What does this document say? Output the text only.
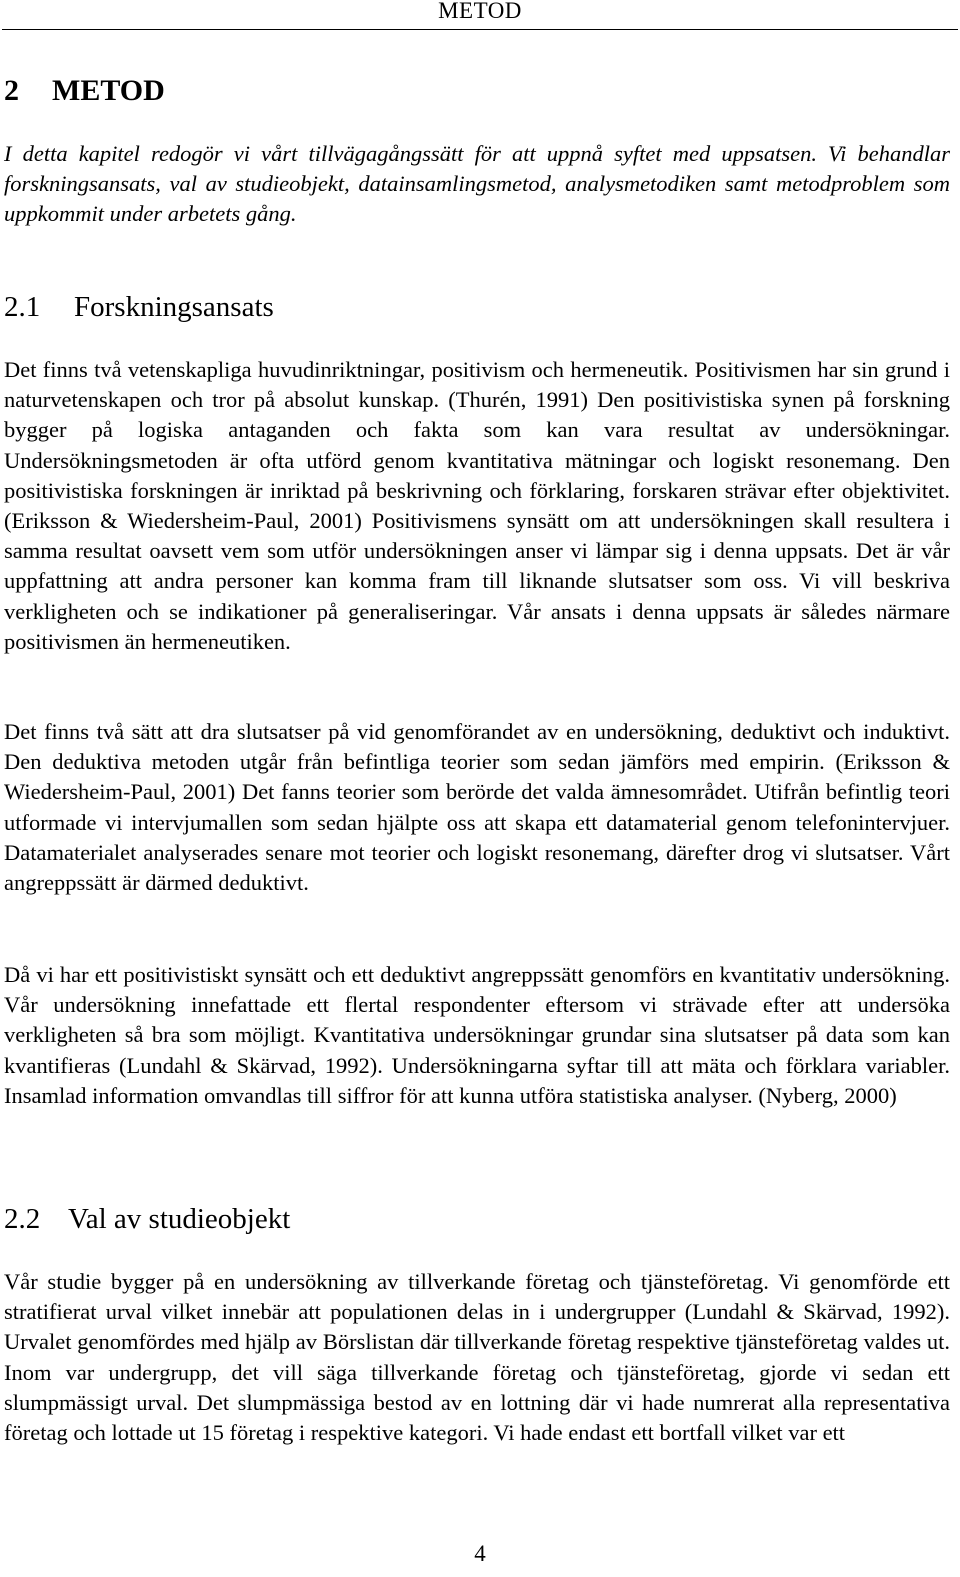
METOD
2 METOD

I detta kapitel redogör vi vårt tillvägagångssätt för att uppnå syftet med uppsatsen. Vi behandlar forskningsansats, val av studieobjekt, datainsamlingsmetod, analysmetodiken samt metodproblem som uppkommit under arbetets gång.

2.1 Forskningsansats

Det finns två vetenskapliga huvudinriktningar, positivism och hermeneutik. Positivismen har sin grund i naturvetenskapen och tror på absolut kunskap. (Thurén, 1991) Den positivistiska synen på forskning bygger på logiska antaganden och fakta som kan vara resultat av undersökningar. Undersökningsmetoden är ofta utförd genom kvantitativa mätningar och logiskt resonemang. Den positivistiska forskningen är inriktad på beskrivning och förklaring, forskaren strävar efter objektivitet. (Eriksson & Wiedersheim-Paul, 2001) Positivismens synsätt om att undersökningen skall resultera i samma resultat oavsett vem som utför undersökningen anser vi lämpar sig i denna uppsats. Det är vår uppfattning att andra personer kan komma fram till liknande slutsatser som oss. Vi vill beskriva verkligheten och se indikationer på generaliseringar. Vår ansats i denna uppsats är således närmare positivismen än hermeneutiken.

Det finns två sätt att dra slutsatser på vid genomförandet av en undersökning, deduktivt och induktivt. Den deduktiva metoden utgår från befintliga teorier som sedan jämförs med empirin. (Eriksson & Wiedersheim-Paul, 2001) Det fanns teorier som berörde det valda ämnesområdet. Utifrån befintlig teori utformade vi intervjumallen som sedan hjälpte oss att skapa ett datamaterial genom telefonintervjuer. Datamaterialet analyserades senare mot teorier och logiskt resonemang, därefter drog vi slutsatser. Vårt angreppssätt är därmed deduktivt.

Då vi har ett positivistiskt synsätt och ett deduktivt angreppssätt genomförs en kvantitativ undersökning. Vår undersökning innefattade ett flertal respondenter eftersom vi strävade efter att undersöka verkligheten så bra som möjligt. Kvantitativa undersökningar grundar sina slutsatser på data som kan kvantifieras (Lundahl & Skärvad, 1992). Undersökningarna syftar till att mäta och förklara variabler. Insamlad information omvandlas till siffror för att kunna utföra statistiska analyser. (Nyberg, 2000)

2.2 Val av studieobjekt

Vår studie bygger på en undersökning av tillverkande företag och tjänsteföretag. Vi genomförde ett stratifierat urval vilket innebär att populationen delas in i undergrupper (Lundahl & Skärvad, 1992). Urvalet genomfördes med hjälp av Börslistan där tillverkande företag respektive tjänsteföretag valdes ut. Inom var undergrupp, det vill säga tillverkande företag och tjänsteföretag, gjorde vi sedan ett slumpmässigt urval. Det slumpmässiga bestod av en lottning där vi hade numrerat alla representativa företag och lottade ut 15 företag i respektive kategori. Vi hade endast ett bortfall vilket var ett

4
